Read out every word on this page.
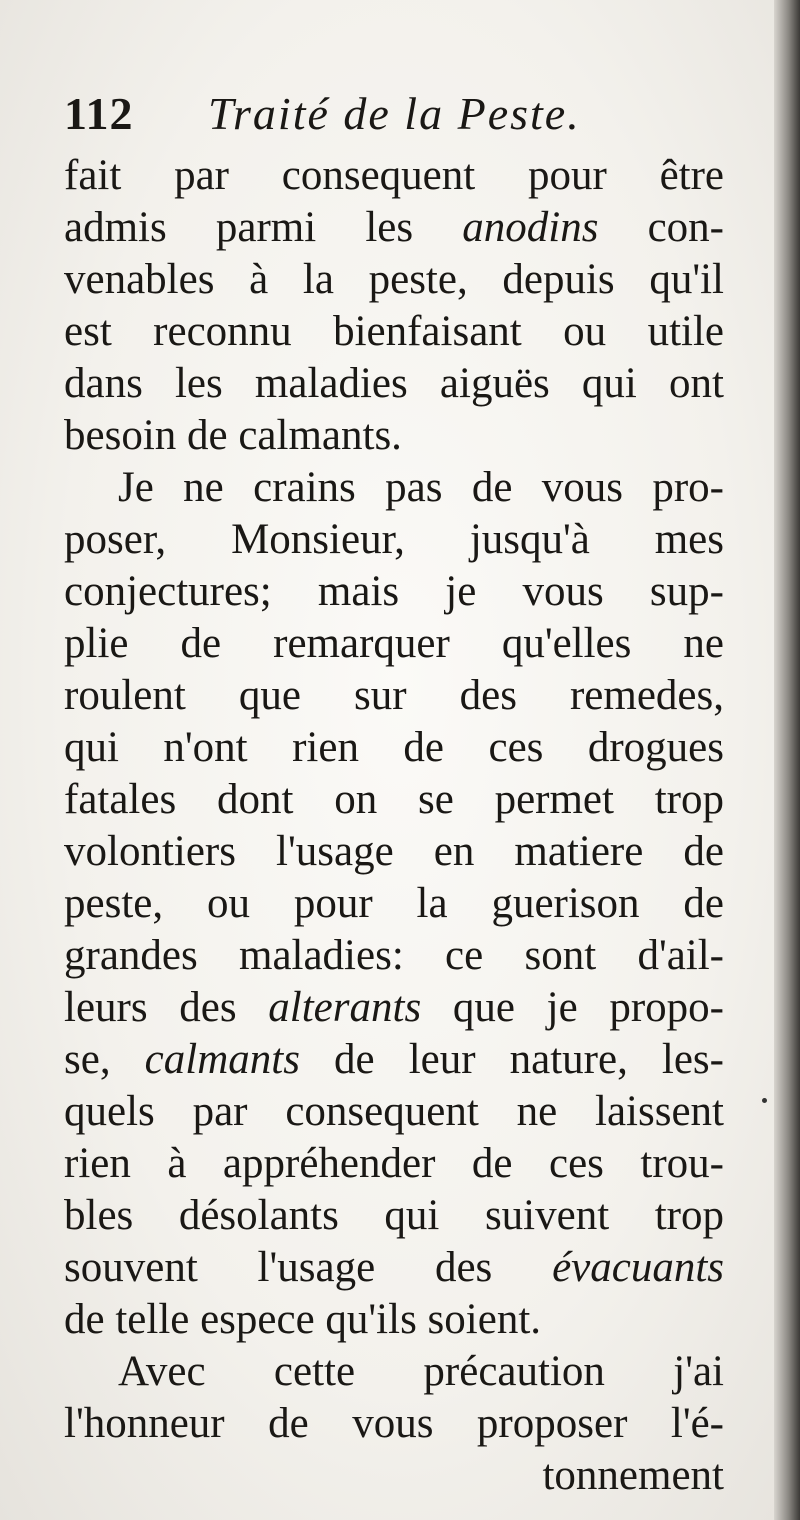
112 Traité de la Peste.
fait par consequent pour être
admis parmi les anodins con-
venables à la peste, depuis qu'il
est reconnu bienfaisant ou utile
dans les maladies aiguës qui ont
besoin de calmants.
Je ne crains pas de vous pro-
poser, Monsieur, jusqu'à mes
conjectures; mais je vous sup-
plie de remarquer qu'elles ne
roulent que sur des remedes,
qui n'ont rien de ces drogues
fatales dont on se permet trop
volontiers l'usage en matiere de
peste, ou pour la guerison de
grandes maladies: ce sont d'ail-
leurs des alterants que je propo-
se, calmants de leur nature, les-
quels par consequent ne laissent
rien à appréhender de ces trou-
bles désolants qui suivent trop
souvent l'usage des évacuants
de telle espece qu'ils soient.
Avec cette précaution j'ai
l'honneur de vous proposer l'é-
tonnement
